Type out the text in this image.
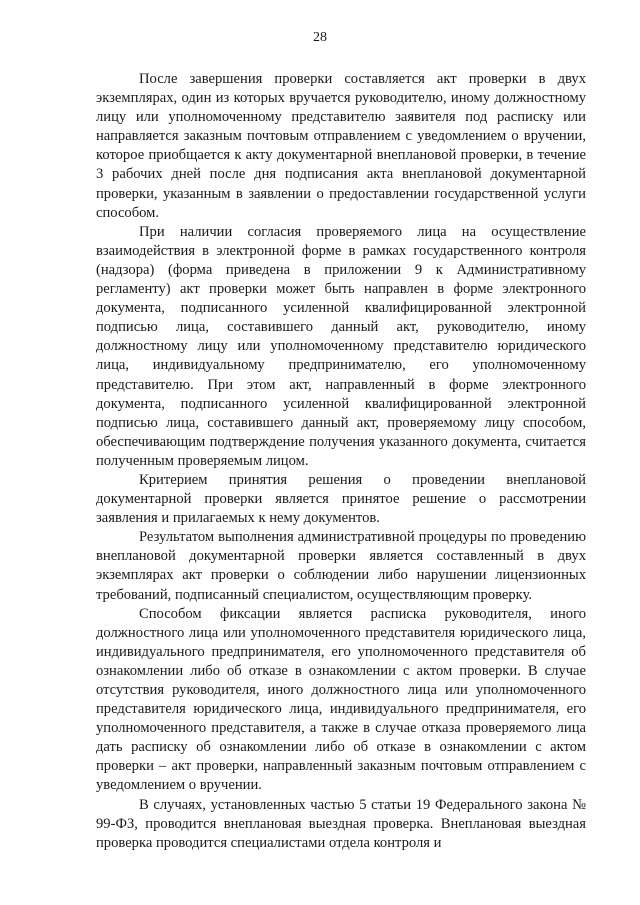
28

После завершения проверки составляется акт проверки в двух экземплярах, один из которых вручается руководителю, иному должностному лицу или уполномоченному представителю заявителя под расписку или направляется заказным почтовым отправлением с уведомлением о вручении, которое приобщается к акту документарной внеплановой проверки, в течение 3 рабочих дней после дня подписания акта внеплановой документарной проверки, указанным в заявлении о предоставлении государственной услуги способом.

При наличии согласия проверяемого лица на осуществление взаимодействия в электронной форме в рамках государственного контроля (надзора) (форма приведена в приложении 9 к Административному регламенту) акт проверки может быть направлен в форме электронного документа, подписанного усиленной квалифицированной электронной подписью лица, составившего данный акт, руководителю, иному должностному лицу или уполномоченному представителю юридического лица, индивидуальному предпринимателю, его уполномоченному представителю. При этом акт, направленный в форме электронного документа, подписанного усиленной квалифицированной электронной подписью лица, составившего данный акт, проверяемому лицу способом, обеспечивающим подтверждение получения указанного документа, считается полученным проверяемым лицом.

Критерием принятия решения о проведении внеплановой документарной проверки является принятое решение о рассмотрении заявления и прилагаемых к нему документов.

Результатом выполнения административной процедуры по проведению внеплановой документарной проверки является составленный в двух экземплярах акт проверки о соблюдении либо нарушении лицензионных требований, подписанный специалистом, осуществляющим проверку.

Способом фиксации является расписка руководителя, иного должностного лица или уполномоченного представителя юридического лица, индивидуального предпринимателя, его уполномоченного представителя об ознакомлении либо об отказе в ознакомлении с актом проверки. В случае отсутствия руководителя, иного должностного лица или уполномоченного представителя юридического лица, индивидуального предпринимателя, его уполномоченного представителя, а также в случае отказа проверяемого лица дать расписку об ознакомлении либо об отказе в ознакомлении с актом проверки – акт проверки, направленный заказным почтовым отправлением с уведомлением о вручении.

В случаях, установленных частью 5 статьи 19 Федерального закона № 99-ФЗ, проводится внеплановая выездная проверка. Внеплановая выездная проверка проводится специалистами отдела контроля и
